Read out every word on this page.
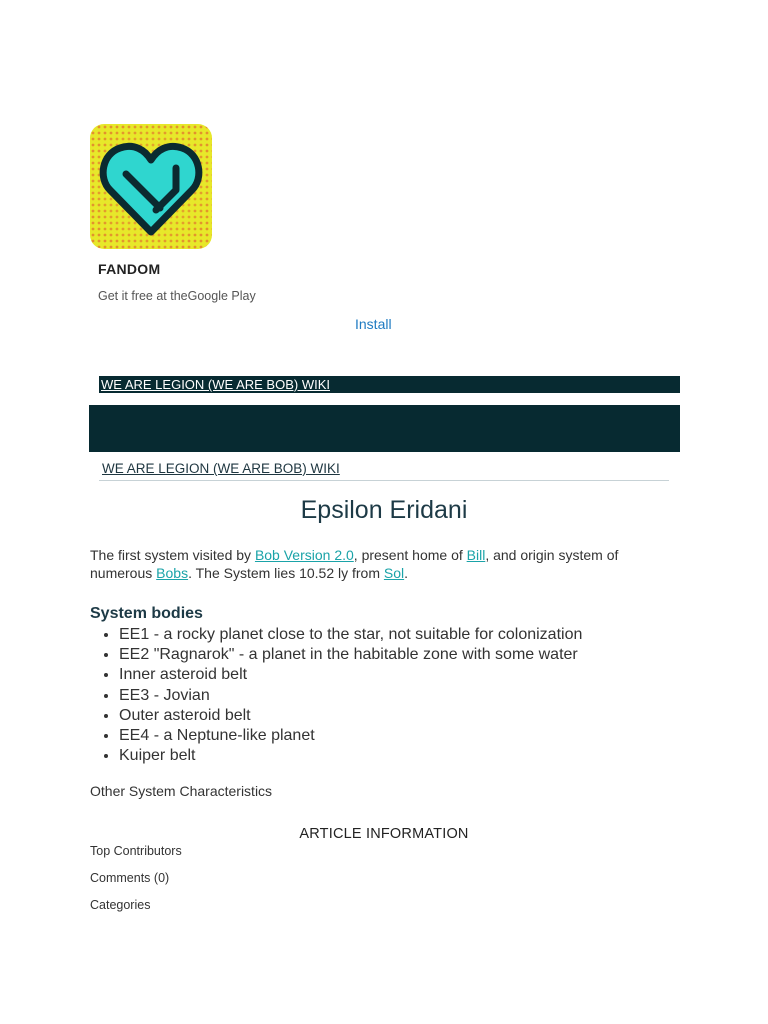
FANDOM
Get it free at theGoogle Play
Install
WE ARE LEGION (WE ARE BOB) WIKI
WE ARE LEGION (WE ARE BOB) WIKI
Epsilon Eridani

The first system visited by Bob Version 2.0, present home of Bill, and origin system of numerous Bobs. The System lies 10.52 ly from Sol.

System bodies
• EE1 - a rocky planet close to the star, not suitable for colonization
• EE2 "Ragnarok" - a planet in the habitable zone with some water
• Inner asteroid belt
• EE3 - Jovian
• Outer asteroid belt
• EE4 - a Neptune-like planet
• Kuiper belt
Other System Characteristics
ARTICLE INFORMATION
Top Contributors
Comments (0)
Categories
